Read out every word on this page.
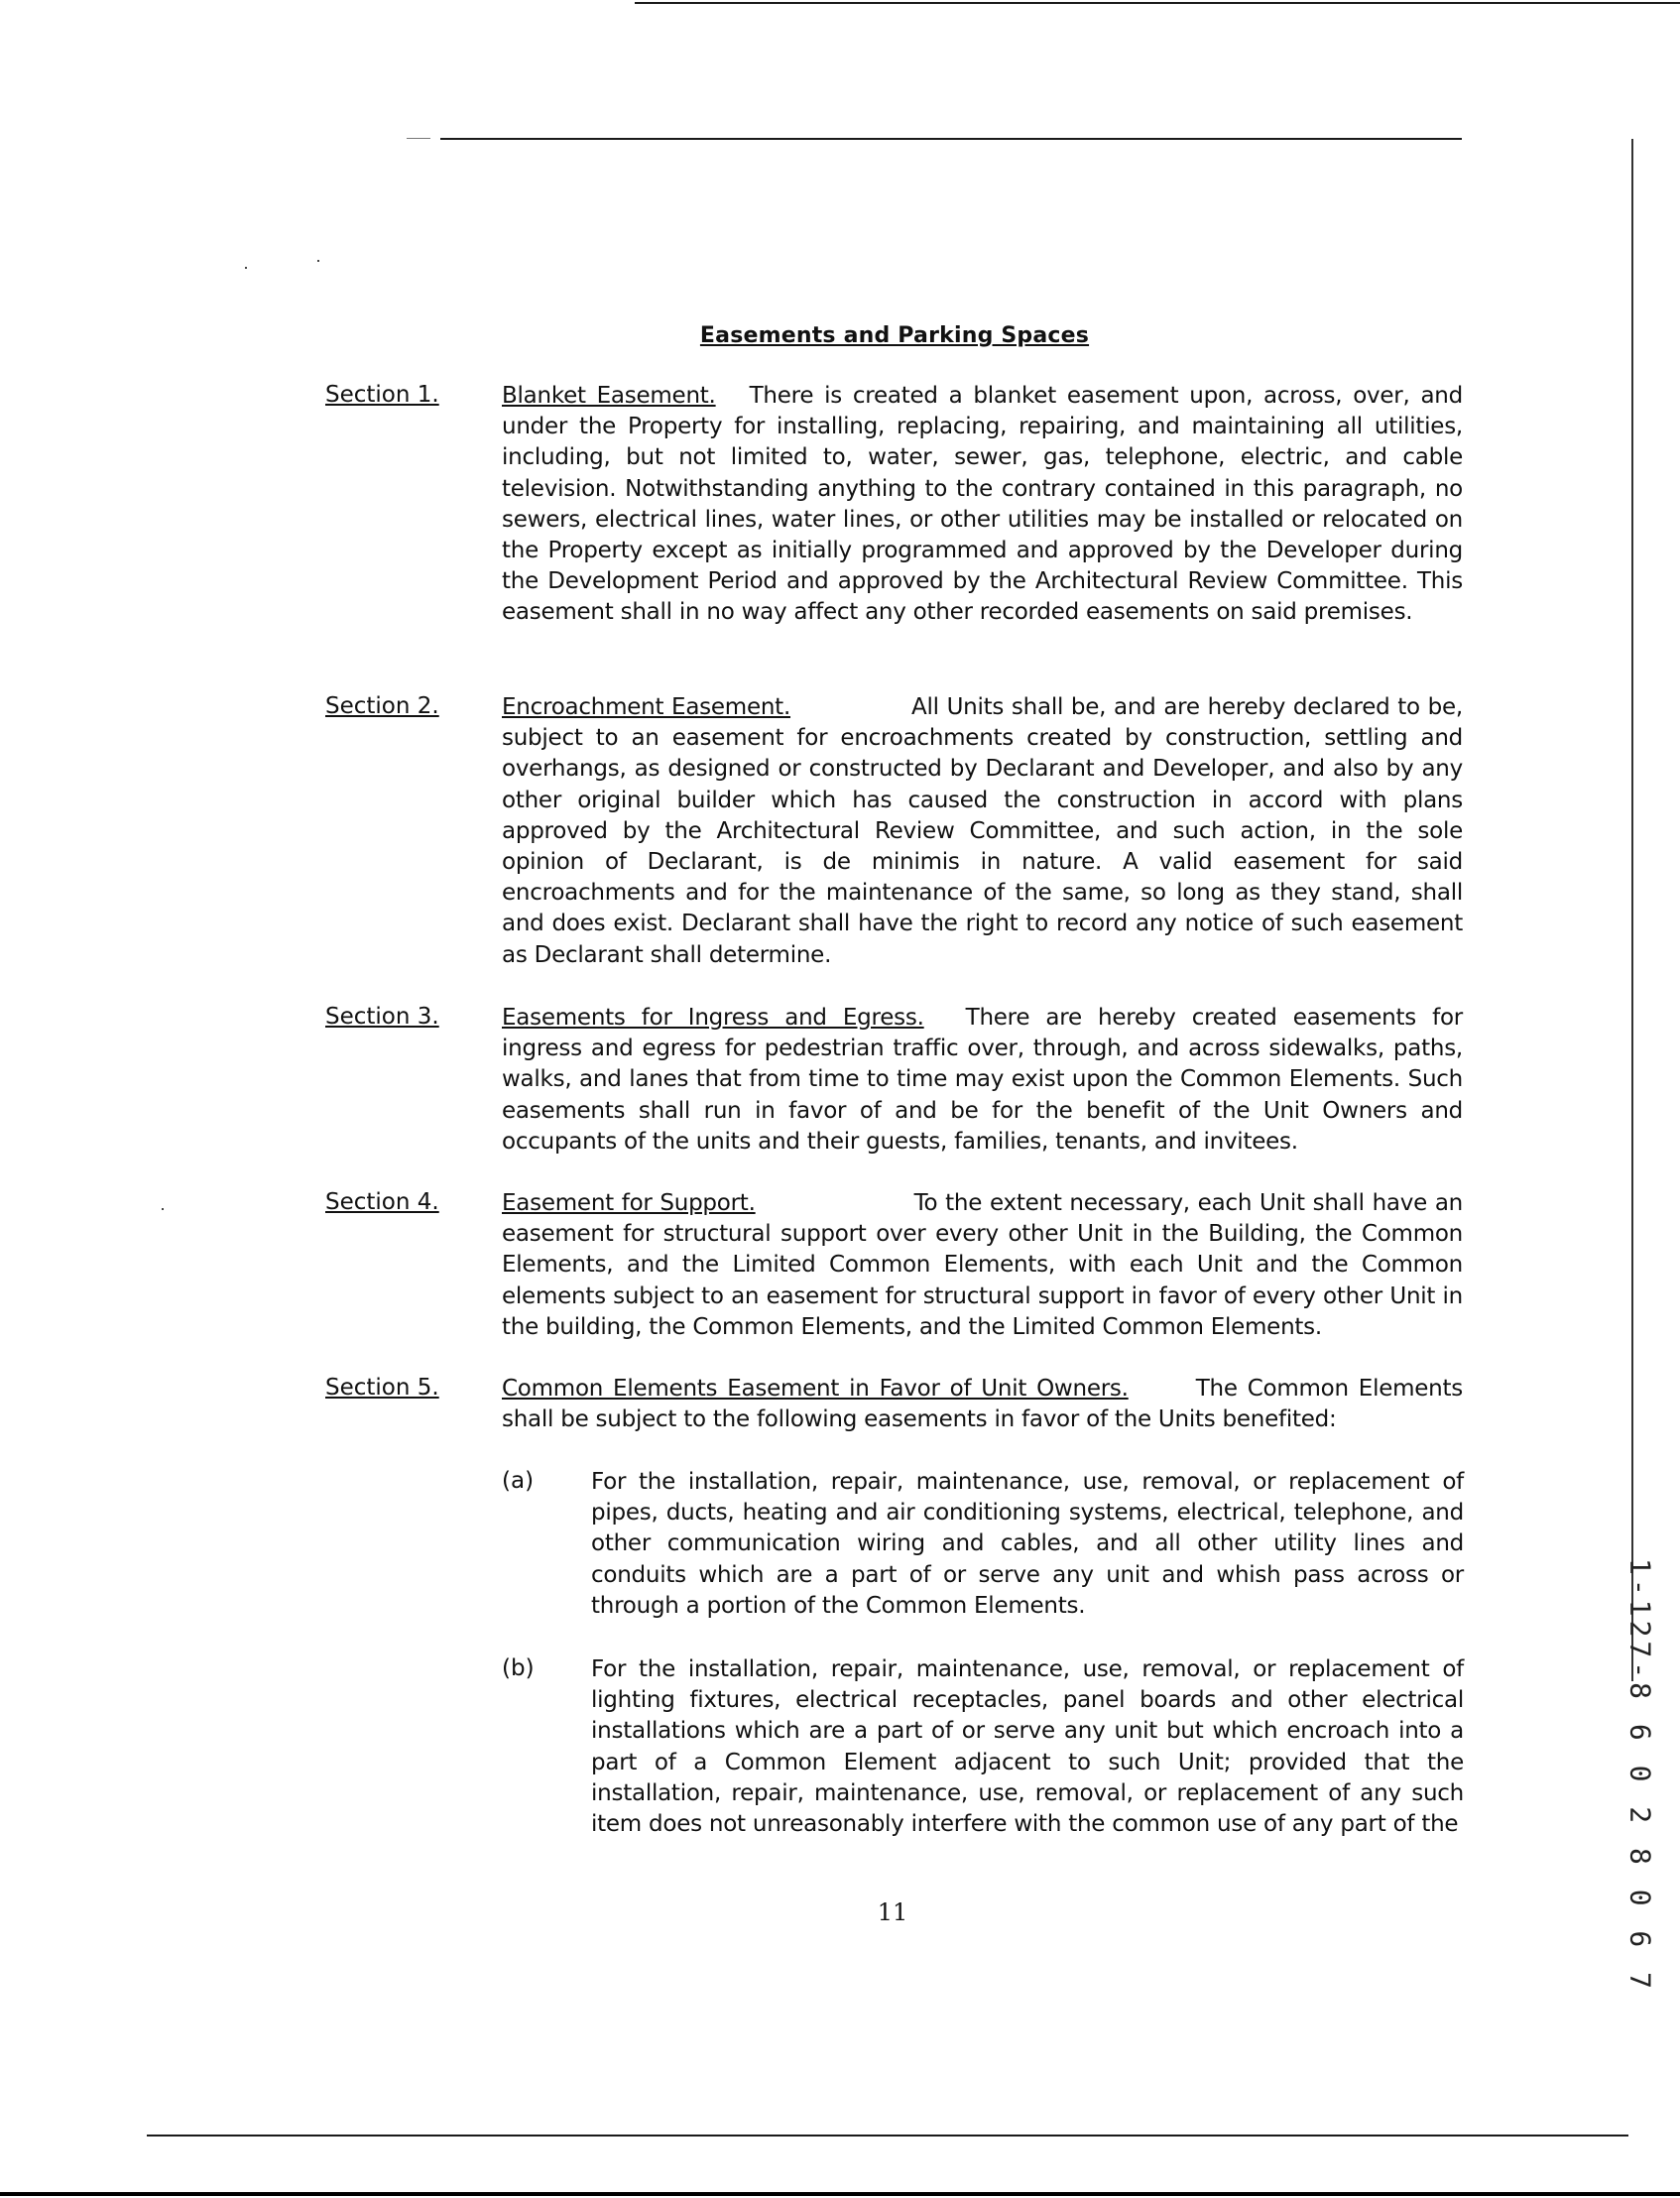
Easements and Parking Spaces
Section 1.	Blanket Easement. There is created a blanket easement upon, across, over, and under the Property for installing, replacing, repairing, and maintaining all utilities, including, but not limited to, water, sewer, gas, telephone, electric, and cable television. Notwithstanding anything to the contrary contained in this paragraph, no sewers, electrical lines, water lines, or other utilities may be installed or relocated on the Property except as initially programmed and approved by the Developer during the Development Period and approved by the Architectural Review Committee. This easement shall in no way affect any other recorded easements on said premises.
Section 2.	Encroachment Easement.	All Units shall be, and are hereby declared to be, subject to an easement for encroachments created by construction, settling and overhangs, as designed or constructed by Declarant and Developer, and also by any other original builder which has caused the construction in accord with plans approved by the Architectural Review Committee, and such action, in the sole opinion of Declarant, is de minimis in nature. A valid easement for said encroachments and for the maintenance of the same, so long as they stand, shall and does exist. Declarant shall have the right to record any notice of such easement as Declarant shall determine.
Section 3.	Easements for Ingress and Egress. There are hereby created easements for ingress and egress for pedestrian traffic over, through, and across sidewalks, paths, walks, and lanes that from time to time may exist upon the Common Elements. Such easements shall run in favor of and be for the benefit of the Unit Owners and occupants of the units and their guests, families, tenants, and invitees.
Section 4.	Easement for Support.	To the extent necessary, each Unit shall have an easement for structural support over every other Unit in the Building, the Common Elements, and the Limited Common Elements, with each Unit and the Common elements subject to an easement for structural support in favor of every other Unit in the building, the Common Elements, and the Limited Common Elements.
Section 5.	Common Elements Easement in Favor of Unit Owners.	The Common Elements shall be subject to the following easements in favor of the Units benefited:
(a)	For the installation, repair, maintenance, use, removal, or replacement of pipes, ducts, heating and air conditioning systems, electrical, telephone, and other communication wiring and cables, and all other utility lines and conduits which are a part of or serve any unit and whish pass across or through a portion of the Common Elements.
(b) For the installation, repair, maintenance, use, removal, or replacement of lighting fixtures, electrical receptacles, panel boards and other electrical installations which are a part of or serve any unit but which encroach into a part of a Common Element adjacent to such Unit; provided that the installation, repair, maintenance, use, removal, or replacement of any such item does not unreasonably interfere with the common use of any part of the
11	1-127-8 6 0 2 8 0 6 7
